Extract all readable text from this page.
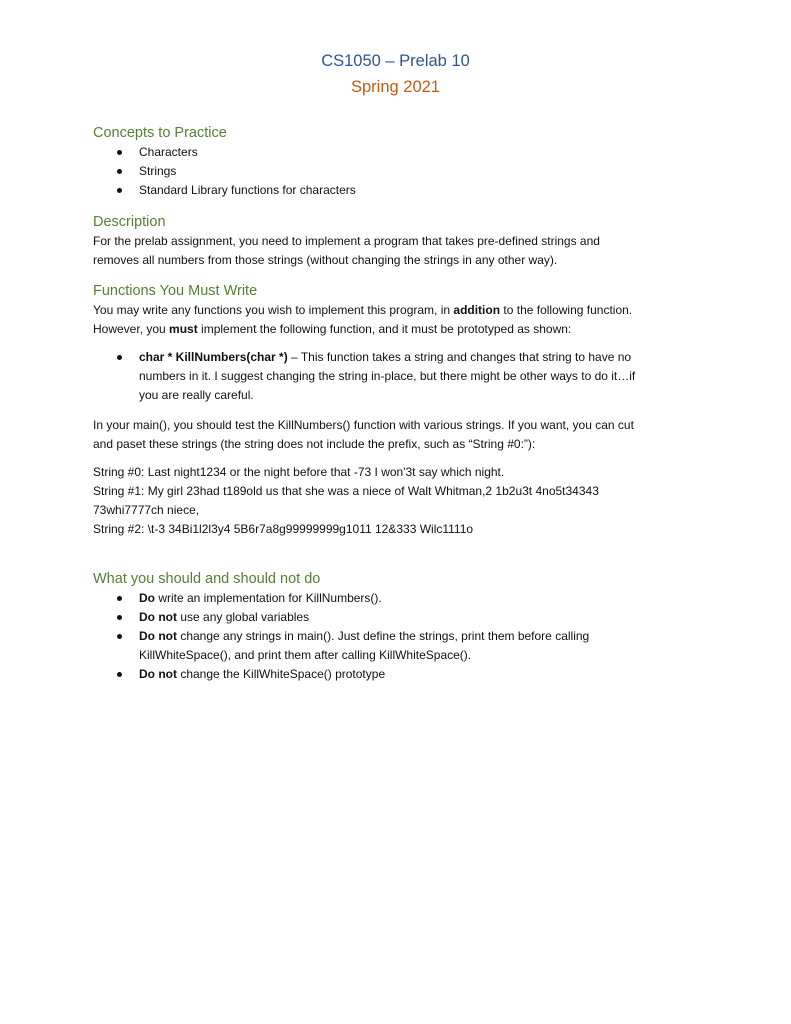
CS1050 – Prelab 10
Spring 2021
Concepts to Practice
Characters
Strings
Standard Library functions for characters
Description
For the prelab assignment, you need to implement a program that takes pre-defined strings and
removes all numbers from those strings (without changing the strings in any other way).
Functions You Must Write
You may write any functions you wish to implement this program, in addition to the following function.
However, you must implement the following function, and it must be prototyped as shown:
char * KillNumbers(char *) – This function takes a string and changes that string to have no
numbers in it. I suggest changing the string in-place, but there might be other ways to do it…if
you are really careful.
In your main(), you should test the KillNumbers() function with various strings. If you want, you can cut
and paset these strings (the string does not include the prefix, such as “String #0:”):
String #0: Last night1234 or the night before that -73 I won'3t say which night.
String #1: My girl 23had t189old us that she was a niece of Walt Whitman,2 1b2u3t 4no5t34343
73whi7777ch niece,
String #2: \t-3 34Bi1l2l3y4 5B6r7a8g99999999g1011 12&333 Wilc1111o
What you should and should not do
Do write an implementation for KillNumbers().
Do not use any global variables
Do not change any strings in main(). Just define the strings, print them before calling
KillWhiteSpace(), and print them after calling KillWhiteSpace().
Do not change the KillWhiteSpace() prototype
